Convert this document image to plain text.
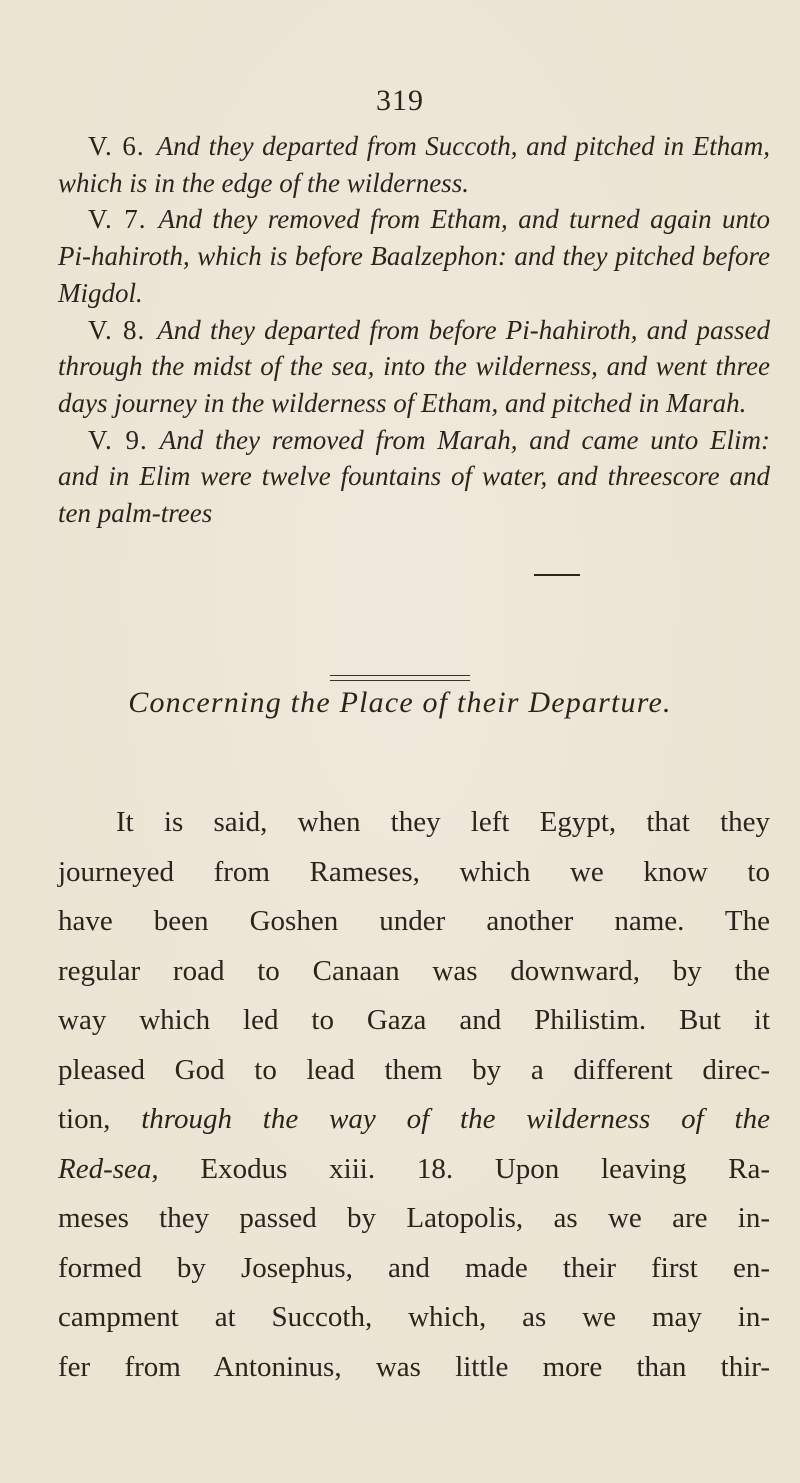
319

V. 6. And they departed from Succoth, and pitched in Etham, which is in the edge of the wilderness.

V. 7. And they removed from Etham, and turned again unto Pi-hahiroth, which is before Baalzephon: and they pitched before Migdol.

V. 8. And they departed from before Pi-hahiroth, and passed through the midst of the sea, into the wilderness, and went three days journey in the wilderness of Etham, and pitched in Marah.

V. 9. And they removed from Marah, and came unto Elim: and in Elim were twelve fountains of water, and threescore and ten palm-trees

Concerning the Place of their Departure.
It is said, when they left Egypt, that they
journeyed from Rameses, which we know to
have been Goshen under another name. The
regular road to Canaan was downward, by the
way which led to Gaza and Philistim. But it
pleased God to lead them by a different direc-
tion, through the way of the wilderness of the
Red-sea, Exodus xiii. 18. Upon leaving Ra-
meses they passed by Latopolis, as we are in-
formed by Josephus, and made their first en-
campment at Succoth, which, as we may in-
fer from Antoninus, was little more than thir-
